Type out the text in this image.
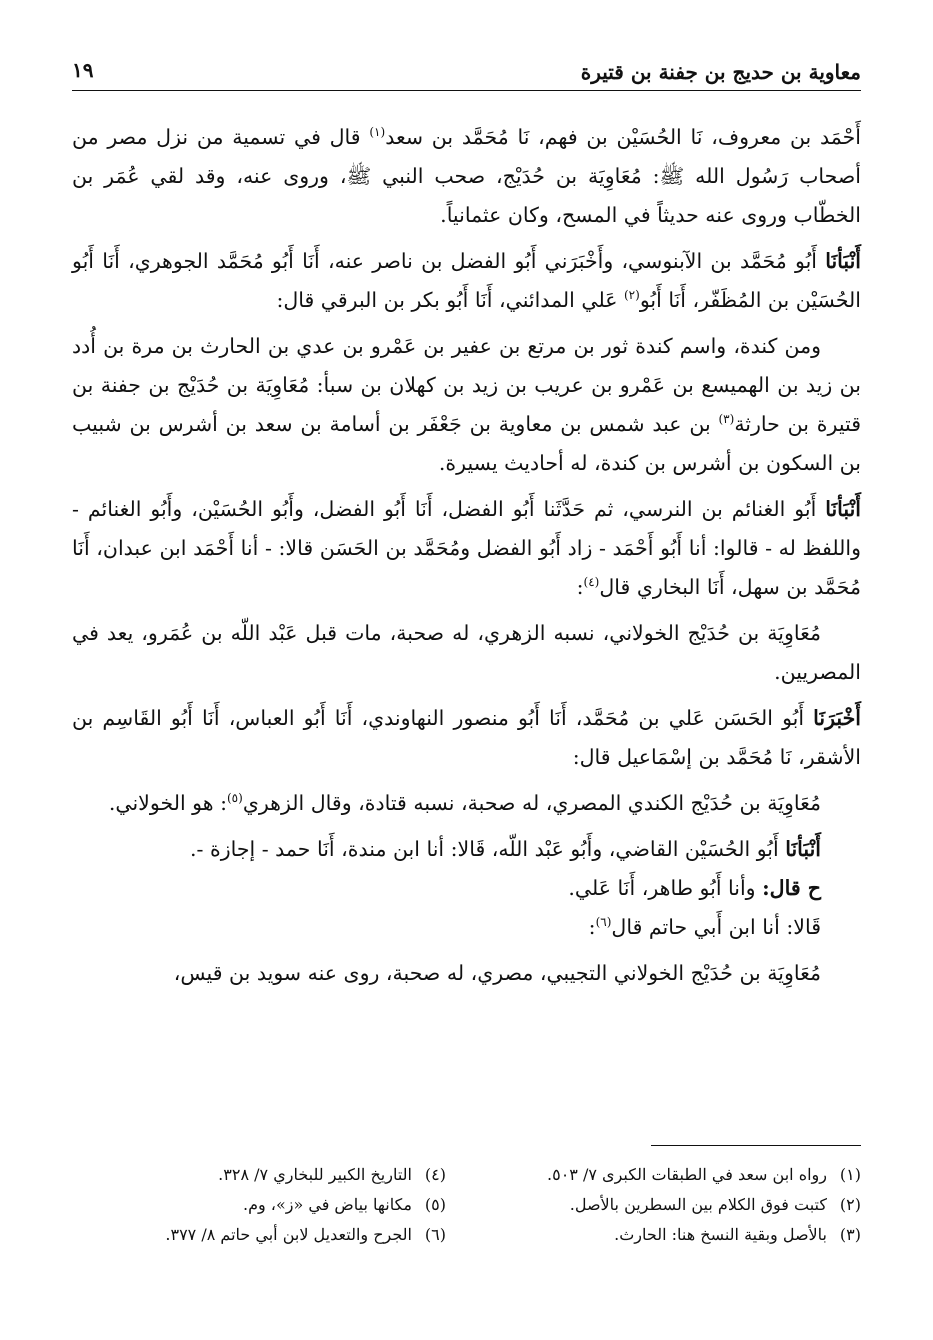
معاوية بن حديج بن جفنة بن قتيرة
١٩

أَحْمَد بن معروف، نَا الحُسَيْن بن فهم، نَا مُحَمَّد بن سعد$^{(١)}$ قال في تسمية من نزل مصر من أصحاب رَسُول الله ﷺ: مُعَاوِيَة بن حُدَيْج، صحب النبي ﷺ، وروى عنه، وقد لقي عُمَر بن الخطّاب وروى عنه حديثاً في المسح، وكان عثمانياً.

أَنْبَأنَا أَبُو مُحَمَّد بن الآبنوسي، وأَخْبَرَني أَبُو الفضل بن ناصر عنه، أَنَا أَبُو مُحَمَّد الجوهري، أَنَا أَبُو الحُسَيْن بن المُظَفّر، أَنَا أَبُو$^{(٢)}$ عَلي المدائني، أَنَا أَبُو بكر بن البرقي قال:

ومن كندة، واسم كندة ثور بن مرتع بن عفير بن عَمْرو بن عدي بن الحارث بن مرة بن أُدد بن زيد بن الهميسع بن عَمْرو بن عريب بن زيد بن كهلان بن سبأ: مُعَاوِيَة بن حُدَيْج بن جفنة بن قتيرة بن حارثة$^{(٣)}$ بن عبد شمس بن معاوية بن جَعْفَر بن أسامة بن سعد بن أشرس بن شبيب بن السكون بن أشرس بن كندة، له أحاديث يسيرة.

أَنْبَأنَا أَبُو الغنائم بن النرسي، ثم حَدَّثَنا أَبُو الفضل، أَنَا أَبُو الفضل، وأَبُو الحُسَيْن، وأَبُو الغنائم - واللفظ له - قالوا: أنا أَبُو أَحْمَد - زاد أَبُو الفضل ومُحَمَّد بن الحَسَن قالا: - أنا أَحْمَد ابن عبدان، أَنَا مُحَمَّد بن سهل، أَنَا البخاري قال$^{(٤)}$:

مُعَاوِيَة بن حُدَيْج الخولاني، نسبه الزهري، له صحبة، مات قبل عَبْد اللّه بن عُمَرو، يعد في المصريين.

أَخْبَرَنَا أَبُو الحَسَن عَلي بن مُحَمَّد، أَنَا أَبُو منصور النهاوندي، أَنَا أَبُو العباس، أَنَا أَبُو القَاسِم بن الأشقر، نَا مُحَمَّد بن إسْمَاعيل قال:

مُعَاوِيَة بن حُدَيْج الكندي المصري، له صحبة، نسبه قتادة، وقال الزهري$^{(٥)}$: هو الخولاني.

أَنْبَأنَا أَبُو الحُسَيْن القاضي، وأَبُو عَبْد اللّه، قَالا: أنا ابن مندة، أَنَا حمد - إجازة -.

ح قال: وأنا أَبُو طاهر، أَنَا عَلي.

قَالا: أنا ابن أَبي حاتم قال$^{(٦)}$:

مُعَاوِيَة بن حُدَيْج الخولاني التجيبي، مصري، له صحبة، روى عنه سويد بن قيس،

(١)رواه ابن سعد في الطبقات الكبرى ٧/ ٥٠٣.
(٢)كتبت فوق الكلام بين السطرين بالأصل.
(٣)بالأصل وبقية النسخ هنا: الحارث.
(٤)التاريخ الكبير للبخاري ٧/ ٣٢٨.
(٥)مكانها بياض في «ز»، وم.
(٦)الجرح والتعديل لابن أبي حاتم ٨/ ٣٧٧.
